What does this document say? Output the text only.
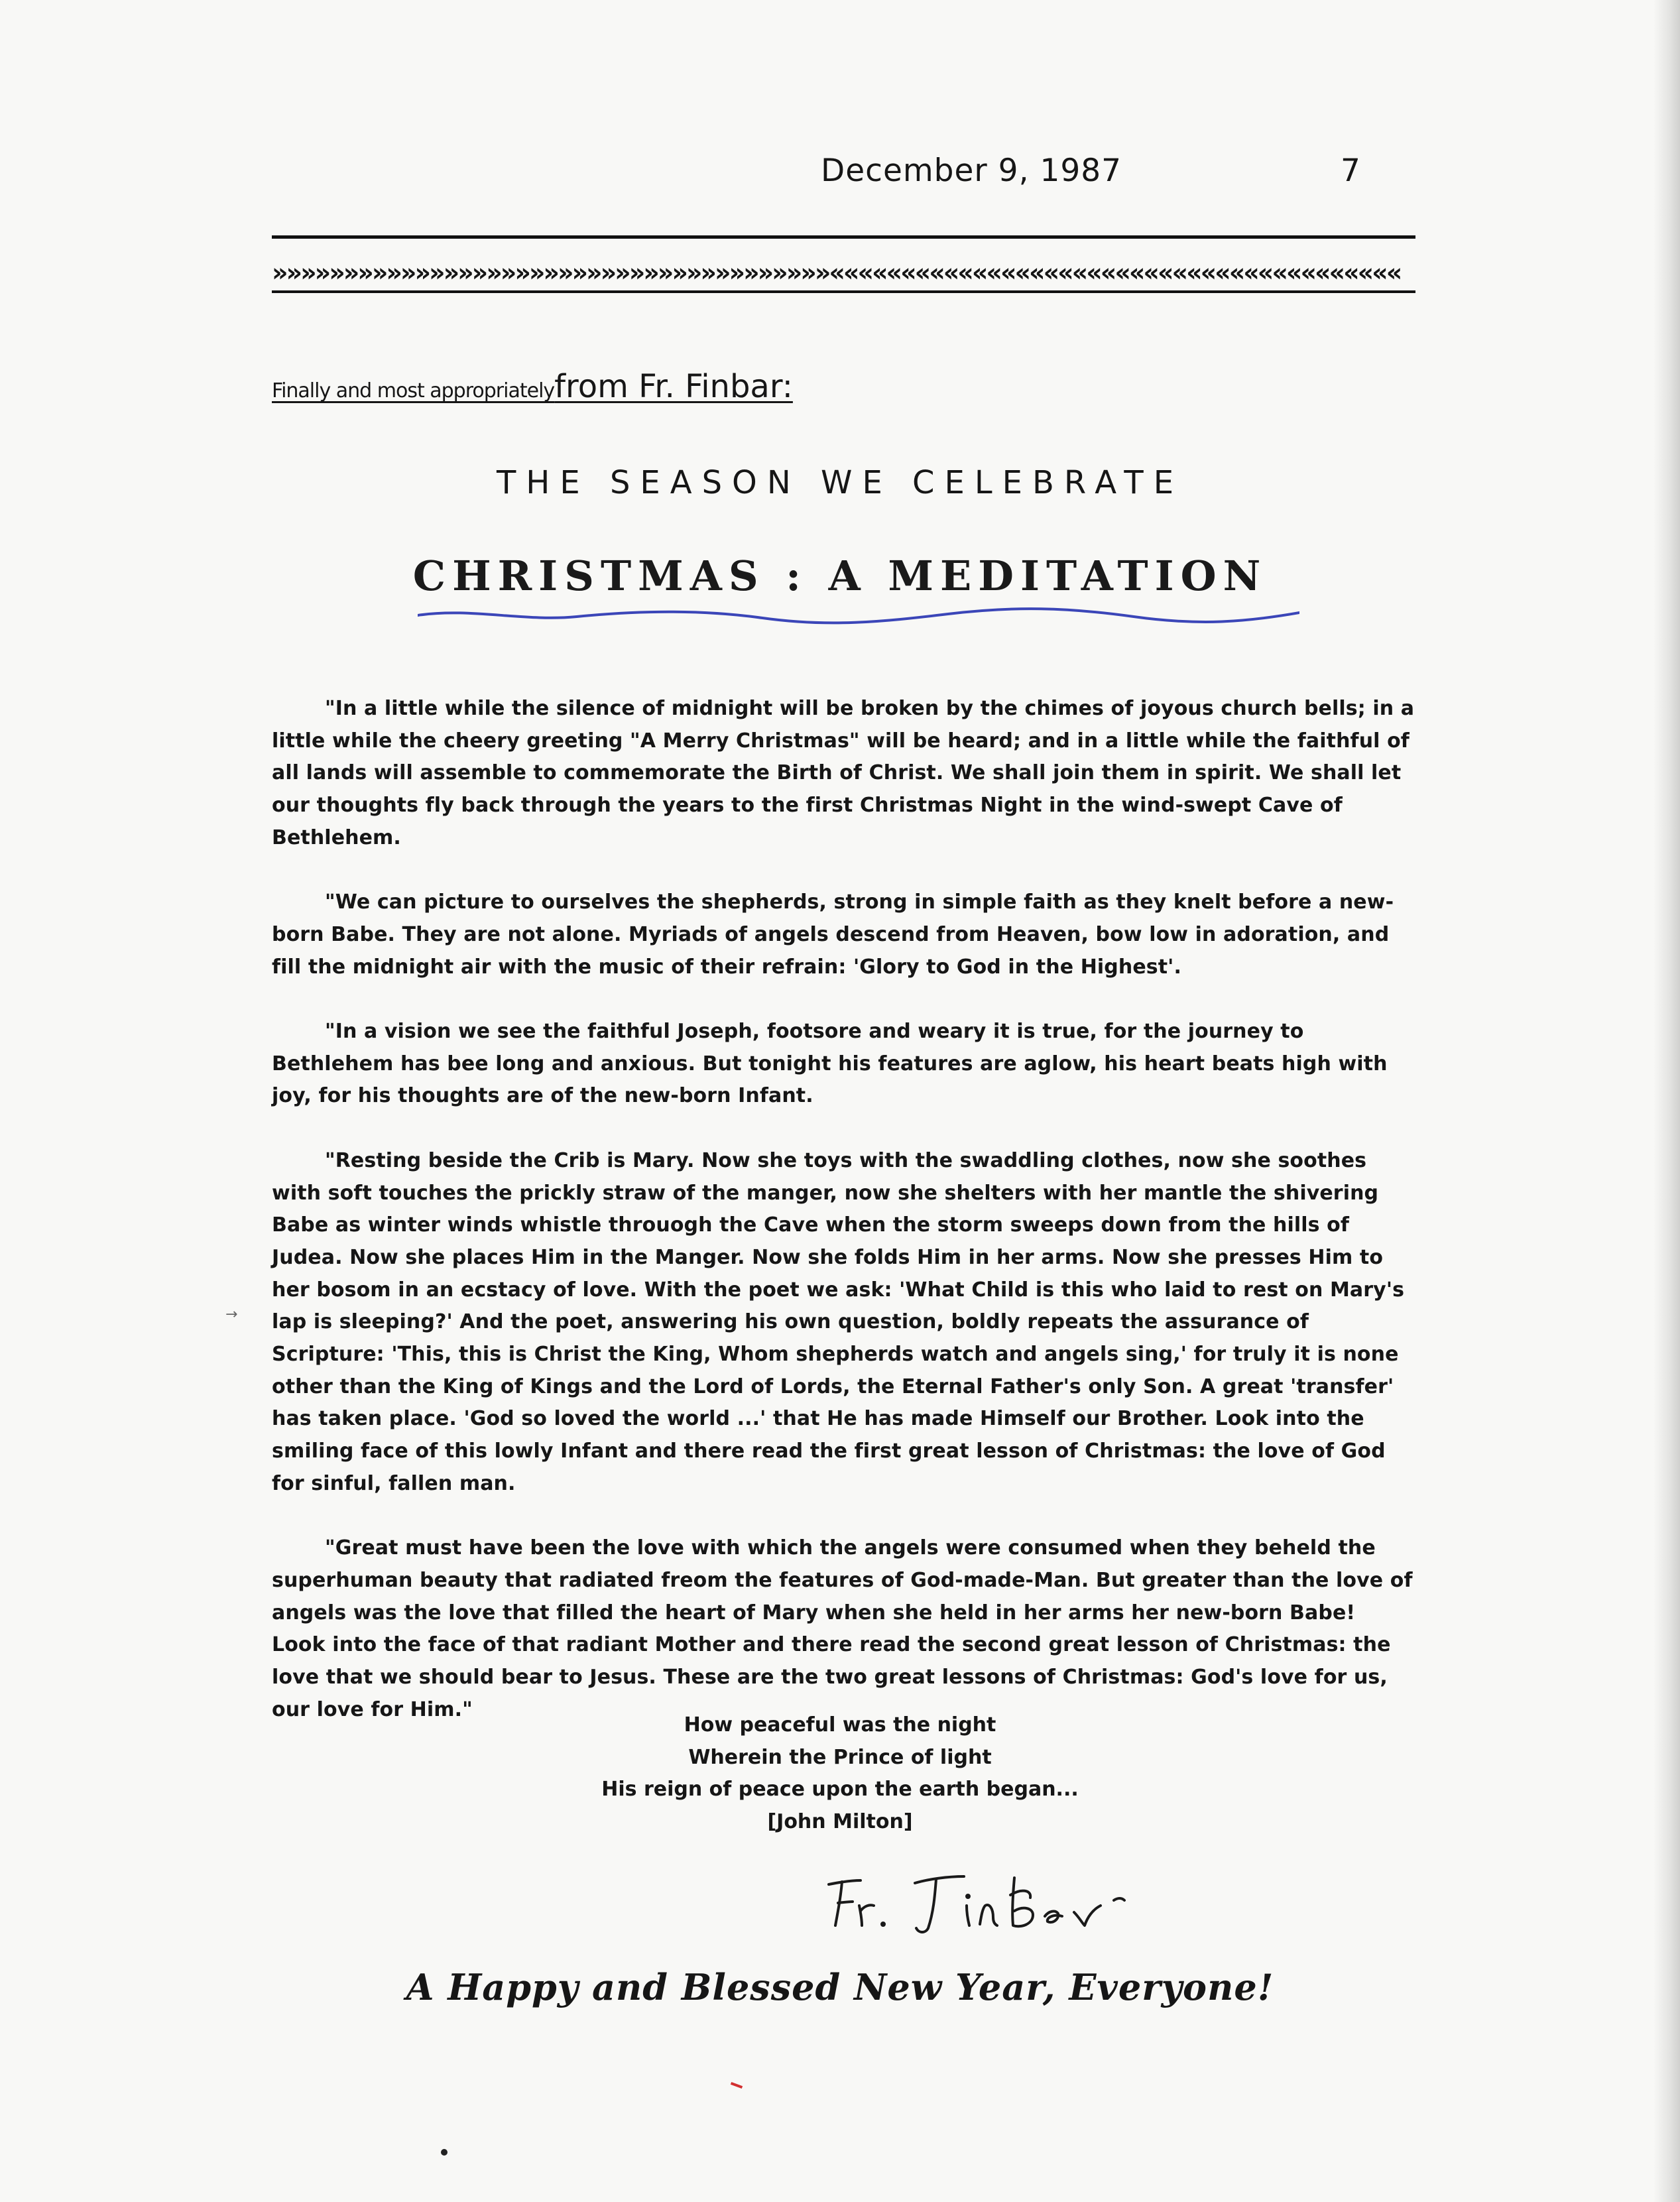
December 9, 1987	7
»»»»»»»»»»»»»»»»»»»»»»»»»»»»»»»»»»»»»»»««««««««««««««««««««««««««««««««««««««««
Finally and most appropriatelyfrom Fr. Finbar:
THE SEASON WE CELEBRATE
CHRISTMAS : A MEDITATION

"In a little while the silence of midnight will be broken by the chimes of joyous church bells; in a little while the cheery greeting "A Merry Christmas" will be heard; and in a little while the faithful of all lands will assemble to commemorate the Birth of Christ. We shall join them in spirit. We shall let our thoughts fly back through the years to the first Christmas Night in the wind-swept Cave of Bethlehem.

"We can picture to ourselves the shepherds, strong in simple faith as they knelt before a new-born Babe. They are not alone. Myriads of angels descend from Heaven, bow low in adoration, and fill the midnight air with the music of their refrain: 'Glory to God in the Highest'.

"In a vision we see the faithful Joseph, footsore and weary it is true, for the journey to Bethlehem has bee long and anxious. But tonight his features are aglow, his heart beats high with joy, for his thoughts are of the new-born Infant.

"Resting beside the Crib is Mary. Now she toys with the swaddling clothes, now she soothes with soft touches the prickly straw of the manger, now she shelters with her mantle the shivering Babe as winter winds whistle throuogh the Cave when the storm sweeps down from the hills of Judea. Now she places Him in the Manger. Now she folds Him in her arms. Now she presses Him to her bosom in an ecstacy of love. With the poet we ask: 'What Child is this who laid to rest on Mary's lap is sleeping?' And the poet, answering his own question, boldly repeats the assurance of Scripture: 'This, this is Christ the King, Whom shepherds watch and angels sing,' for truly it is none other than the King of Kings and the Lord of Lords, the Eternal Father's only Son. A great 'transfer' has taken place. 'God so loved the world ...' that He has made Himself our Brother. Look into the smiling face of this lowly Infant and there read the first great lesson of Christmas: the love of God for sinful, fallen man.

"Great must have been the love with which the angels were consumed when they beheld the superhuman beauty that radiated freom the features of God-made-Man. But greater than the love of angels was the love that filled the heart of Mary when she held in her arms her new-born Babe! Look into the face of that radiant Mother and there read the second great lesson of Christmas: the love that we should bear to Jesus. These are the two great lessons of Christmas: God's love for us, our love for Him."

→
How peaceful was the night
Wherein the Prince of light
His reign of peace upon the earth began...
[John Milton]
A Happy and Blessed New Year, Everyone!
